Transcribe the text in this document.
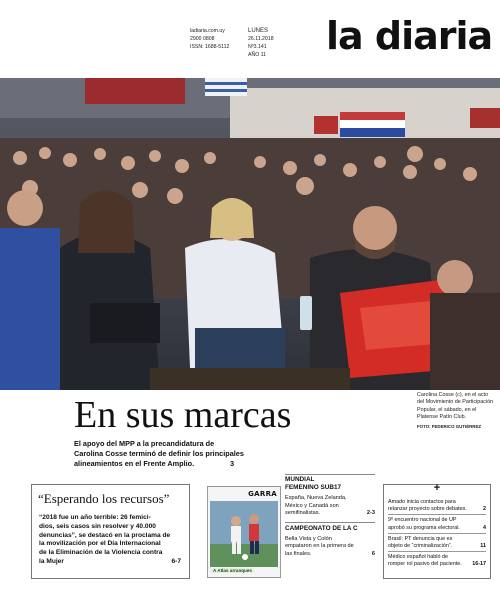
ladiaria.com.uy
2900 0808
ISSN: 1688-5112
LUNES
26.11.2018
Nº3.141
AÑO 11 la diaria
En sus marcas
El apoyo del MPP a la precandidatura de
Carolina Cosse terminó de definir los principales
alineamientos en el Frente Amplio.	3
Carolina Cosse (c), en el acto
del Movimiento de Participación
Popular, el sábado, en el
Platense Patín Club.
FOTO: FEDERICO GUTIÉRREZ
“Esperando los recursos”
“2018 fue un año terrible: 26 femici-
dios, seis casos sin resolver y 40.000
denuncias”, se destacó en la proclama de
la movilización por el Día Internacional
de la Eliminación de la Violencia contra
la Mujer	6-7
GARRA
A Atlas arranques
MUNDIAL
FEMENINO SUB17
España, Nueva Zelanda,
México y Canadá son
semifinalistas.	2-3
CAMPEONATO DE LA C
Bella Vista y Colón
empataron en la primera de
las finales.	6
+
Amado inicia contactos para
relanzar proyecto sobre debates.	2
9º encuentro nacional de UP
aprobó su programa electoral.	4
Brasil: PT denuncia que es
objeto de “criminalización”.	11
Médico español habló de
romper rol pasivo del paciente. 16-17
